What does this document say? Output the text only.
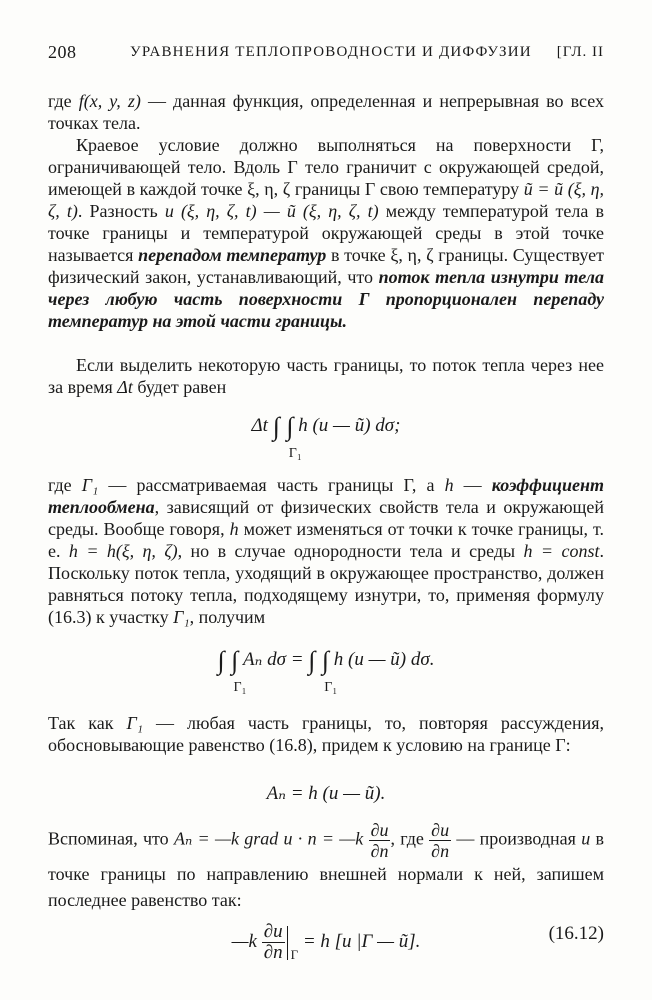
208	УРАВНЕНИЯ ТЕПЛОПРОВОДНОСТИ И ДИФФУЗИИ [ГЛ. II
где f(x, y, z) — данная функция, определенная и непрерывная во всех точках тела.
Краевое условие должно выполняться на поверхности Г, ограничивающей тело. Вдоль Г тело граничит с окружающей средой, имеющей в каждой точке ξ, η, ζ границы Г свою температуру ũ = ũ (ξ, η, ζ, t). Разность u (ξ, η, ζ, t) — ũ (ξ, η, ζ, t) между температурой тела в точке границы и температурой окружающей среды в этой точке называется перепадом температур в точке ξ, η, ζ границы. Существует физический закон, устанавливающий, что поток тепла изнутри тела через любую часть поверхности Г пропорционален перепаду температур на этой части границы.
Если выделить некоторую часть границы, то поток тепла через нее за время Δt будет равен
Δt ∫ ∫
Г₁
h (u — ũ) dσ;
где Г₁ — рассматриваемая часть границы Г, а h — коэффициент теплообмена, зависящий от физических свойств тела и окружающей среды. Вообще говоря, h может изменяться от точки к точке границы, т. е. h = h(ξ, η, ζ), но в случае однородности тела и среды h = const. Поскольку поток тепла, уходящий в окружающее пространство, должен равняться потоку тепла, подходящему изнутри, то, применяя формулу (16.3) к участку Г₁, получим
∫ ∫
Г₁
Aₙ dσ = ∫ ∫
Г₁
h (u — ũ) dσ.
Так как Г₁ — любая часть границы, то, повторяя рассуждения, обосновывающие равенство (16.8), придем к условию на границе Г:
Aₙ = h (u — ũ).
Вспоминая, что Aₙ = —k grad u · n = —k $\frac{\partial u}{\partial n}$ , где $\frac{\partial u}{\partial n}$ — производная u в точке границы по направлению внешней нормали к ней, запишем последнее равенство так:
—k $\frac{\partial u}{\partial n} _Г = h$ [u |Г — ũ].	(16.12)
